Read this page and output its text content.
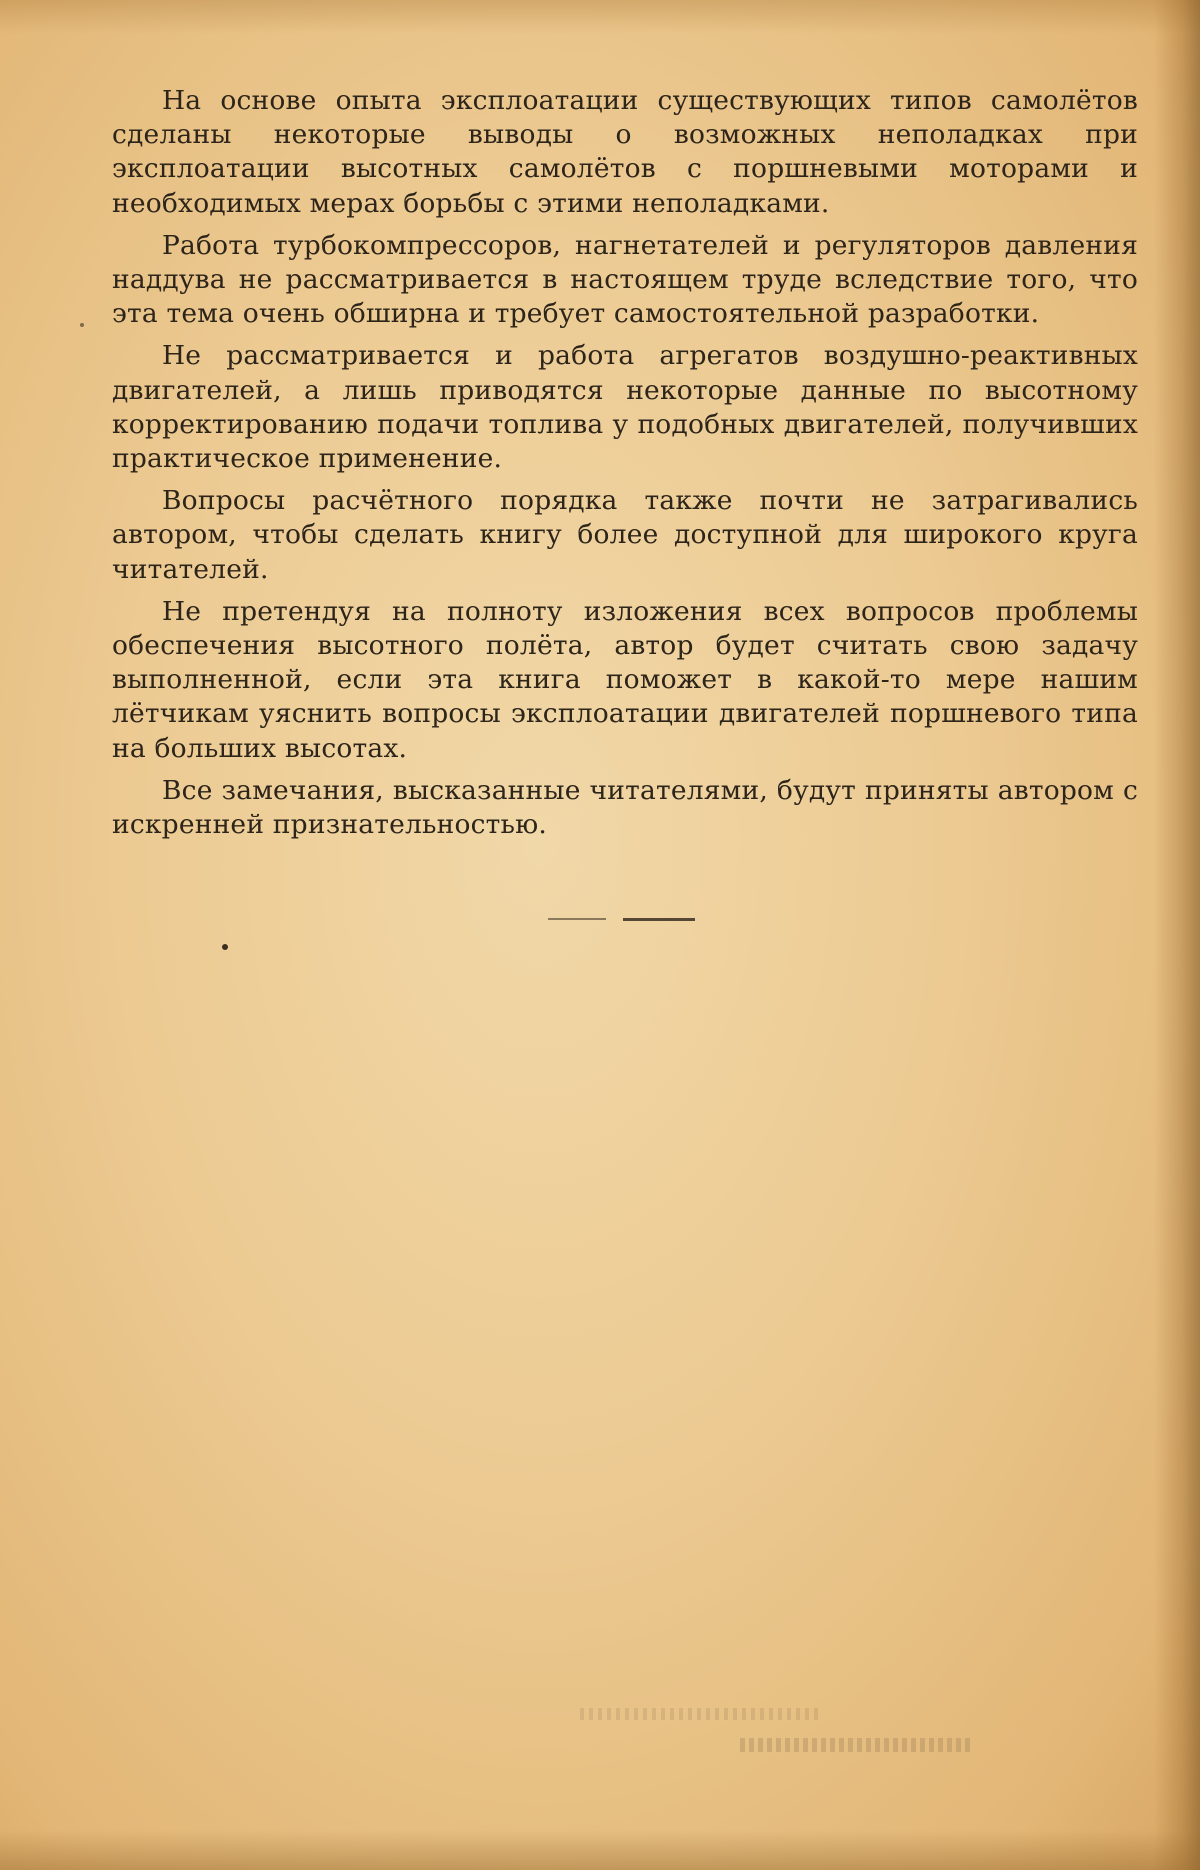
На основе опыта эксплоатации существующих типов самолётов сделаны некоторые выводы о возможных неполадках при эксплоатации высотных самолётов с поршневыми моторами и необходимых мерах борьбы с этими неполадками.

Работа турбокомпрессоров, нагнетателей и регуляторов давления наддува не рассматривается в настоящем труде вследствие того, что эта тема очень обширна и требует самостоятельной разработки.

Не рассматривается и работа агрегатов воздушно-реактивных двигателей, а лишь приводятся некоторые данные по высотному корректированию подачи топлива у подобных двигателей, получивших практическое применение.

Вопросы расчётного порядка также почти не затрагивались автором, чтобы сделать книгу более доступной для широкого круга читателей.

Не претендуя на полноту изложения всех вопросов проблемы обеспечения высотного полёта, автор будет считать свою задачу выполненной, если эта книга поможет в какой-то мере нашим лётчикам уяснить вопросы эксплоатации двигателей поршневого типа на больших высотах.

Все замечания, высказанные читателями, будут приняты автором с искренней признательностью.
